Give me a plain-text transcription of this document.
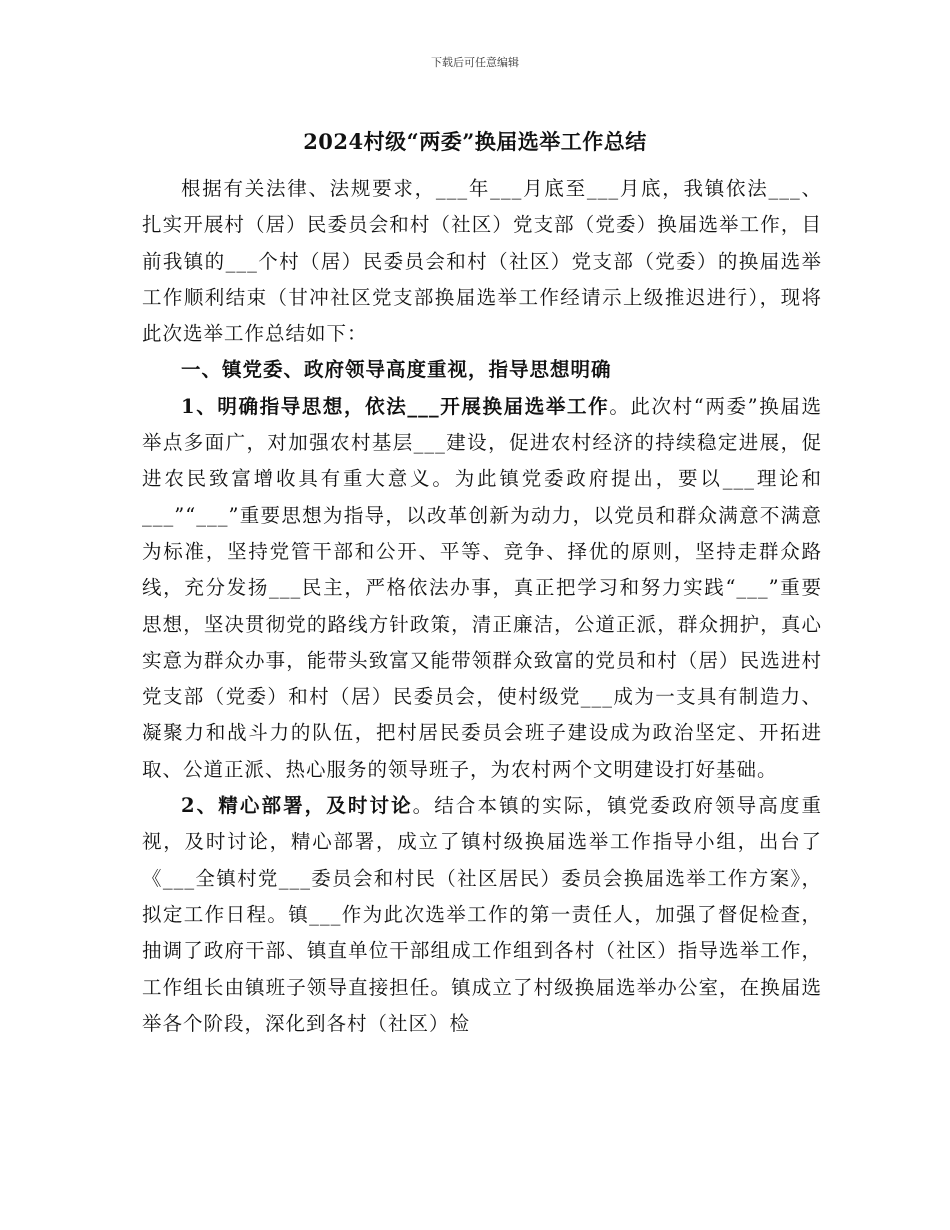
下载后可任意编辑
2024村级“两委”换届选举工作总结

根据有关法律、法规要求，___年___月底至___月底，我镇依法___、扎实开展村（居）民委员会和村（社区）党支部（党委）换届选举工作，目前我镇的___个村（居）民委员会和村（社区）党支部（党委）的换届选举工作顺利结束（甘冲社区党支部换届选举工作经请示上级推迟进行），现将此次选举工作总结如下：

一、镇党委、政府领导高度重视，指导思想明确

1、明确指导思想，依法___开展换届选举工作。此次村“两委”换届选举点多面广，对加强农村基层___建设，促进农村经济的持续稳定进展，促进农民致富增收具有重大意义。为此镇党委政府提出，要以___理论和___”“___”重要思想为指导，以改革创新为动力，以党员和群众满意不满意为标准，坚持党管干部和公开、平等、竞争、择优的原则，坚持走群众路线，充分发扬___民主，严格依法办事，真正把学习和努力实践“___”重要思想，坚决贯彻党的路线方针政策，清正廉洁，公道正派，群众拥护，真心实意为群众办事，能带头致富又能带领群众致富的党员和村（居）民选进村党支部（党委）和村（居）民委员会，使村级党___成为一支具有制造力、凝聚力和战斗力的队伍，把村居民委员会班子建设成为政治坚定、开拓进取、公道正派、热心服务的领导班子，为农村两个文明建设打好基础。

2、精心部署，及时讨论。结合本镇的实际，镇党委政府领导高度重视，及时讨论，精心部署，成立了镇村级换届选举工作指导小组，出台了《___全镇村党___委员会和村民（社区居民）委员会换届选举工作方案》，拟定工作日程。镇___作为此次选举工作的第一责任人，加强了督促检查，抽调了政府干部、镇直单位干部组成工作组到各村（社区）指导选举工作，工作组长由镇班子领导直接担任。镇成立了村级换届选举办公室，在换届选举各个阶段，深化到各村（社区）检
